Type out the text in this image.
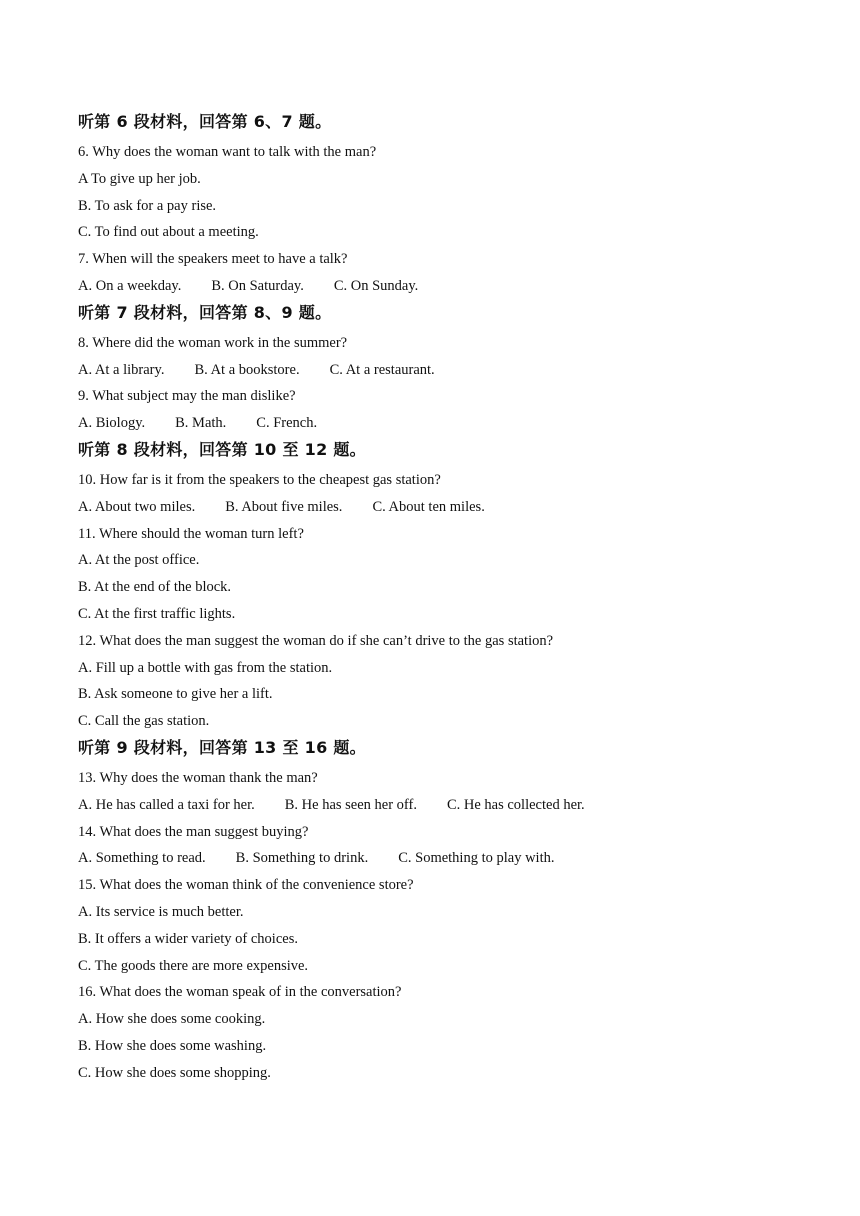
听第 6 段材料，回答第 6、7 题。
6. Why does the woman want to talk with the man?
A To give up her job.
B. To ask for a pay rise.
C. To find out about a meeting.
7. When will the speakers meet to have a talk?
A. On a weekday. B. On Saturday. C. On Sunday.
听第 7 段材料，回答第 8、9 题。
8. Where did the woman work in the summer?
A. At a library. B. At a bookstore. C. At a restaurant.
9. What subject may the man dislike?
A. Biology. B. Math. C. French.
听第 8 段材料，回答第 10 至 12 题。
10. How far is it from the speakers to the cheapest gas station?
A. About two miles. B. About five miles. C. About ten miles.
11. Where should the woman turn left?
A. At the post office.
B. At the end of the block.
C. At the first traffic lights.
12. What does the man suggest the woman do if she can’t drive to the gas station?
A. Fill up a bottle with gas from the station.
B. Ask someone to give her a lift.
C. Call the gas station.
听第 9 段材料，回答第 13 至 16 题。
13. Why does the woman thank the man?
A. He has called a taxi for her. B. He has seen her off. C. He has collected her.
14. What does the man suggest buying?
A. Something to read. B. Something to drink. C. Something to play with.
15. What does the woman think of the convenience store?
A. Its service is much better.
B. It offers a wider variety of choices.
C. The goods there are more expensive.
16. What does the woman speak of in the conversation?
A. How she does some cooking.
B. How she does some washing.
C. How she does some shopping.
